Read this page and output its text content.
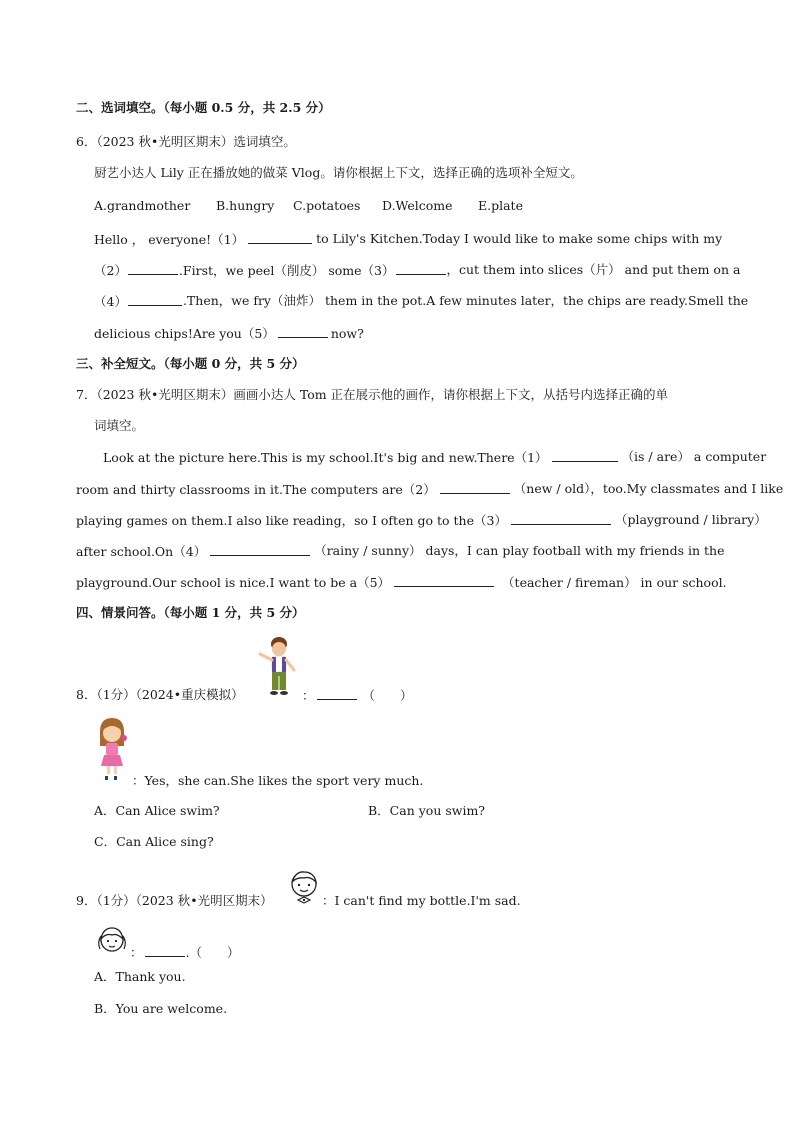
二、选词填空。（每小题 0.5 分，共 2.5 分）
6．（2023 秋•光明区期末）选词填空。
厨艺小达人 Lily 正在播放她的做菜 Vlog。请你根据上下文，选择正确的选项补全短文。
A.grandmother B.hungry C.potatoes D.Welcome E.plate
Hello ， everyone!（1）	to Lily's Kitchen.Today I would like to make some chips with my
（2）	.First，we peel（削皮） some（3）	，cut them into slices（片） and put them on a
（4）	.Then，we fry（油炸） them in the pot.A few minutes later，the chips are ready.Smell the
delicious chips!Are you（5）	now?
三、补全短文。（每小题 0 分，共 5 分）
7．（2023 秋•光明区期末）画画小达人 Tom 正在展示他的画作，请你根据上下文，从括号内选择正确的单
词填空。
Look at the picture here.This is my school.It's big and new.There（1）	（is / are） a computer
room and thirty classrooms in it.The computers are（2）	（new / old），too.My classmates and I like
playing games on them.I also like reading，so I often go to the（3）	（playground / library）
after school.On（4）	（rainy / sunny） days，I can play football with my friends in the
playground.Our school is nice.I want to be a（5）	（teacher / fireman） in our school.
四、情景问答。（每小题 1 分，共 5 分）
8．（1分）（2024•重庆模拟）	：	（　　）
：Yes，she can.She likes the sport very much.
A．Can Alice swim?	B．Can you swim?
C．Can Alice sing?
9．（1分）（2023 秋•光明区期末）	：I can't find my bottle.I'm sad.
：	.（　　）
A．Thank you.
B．You are welcome.
